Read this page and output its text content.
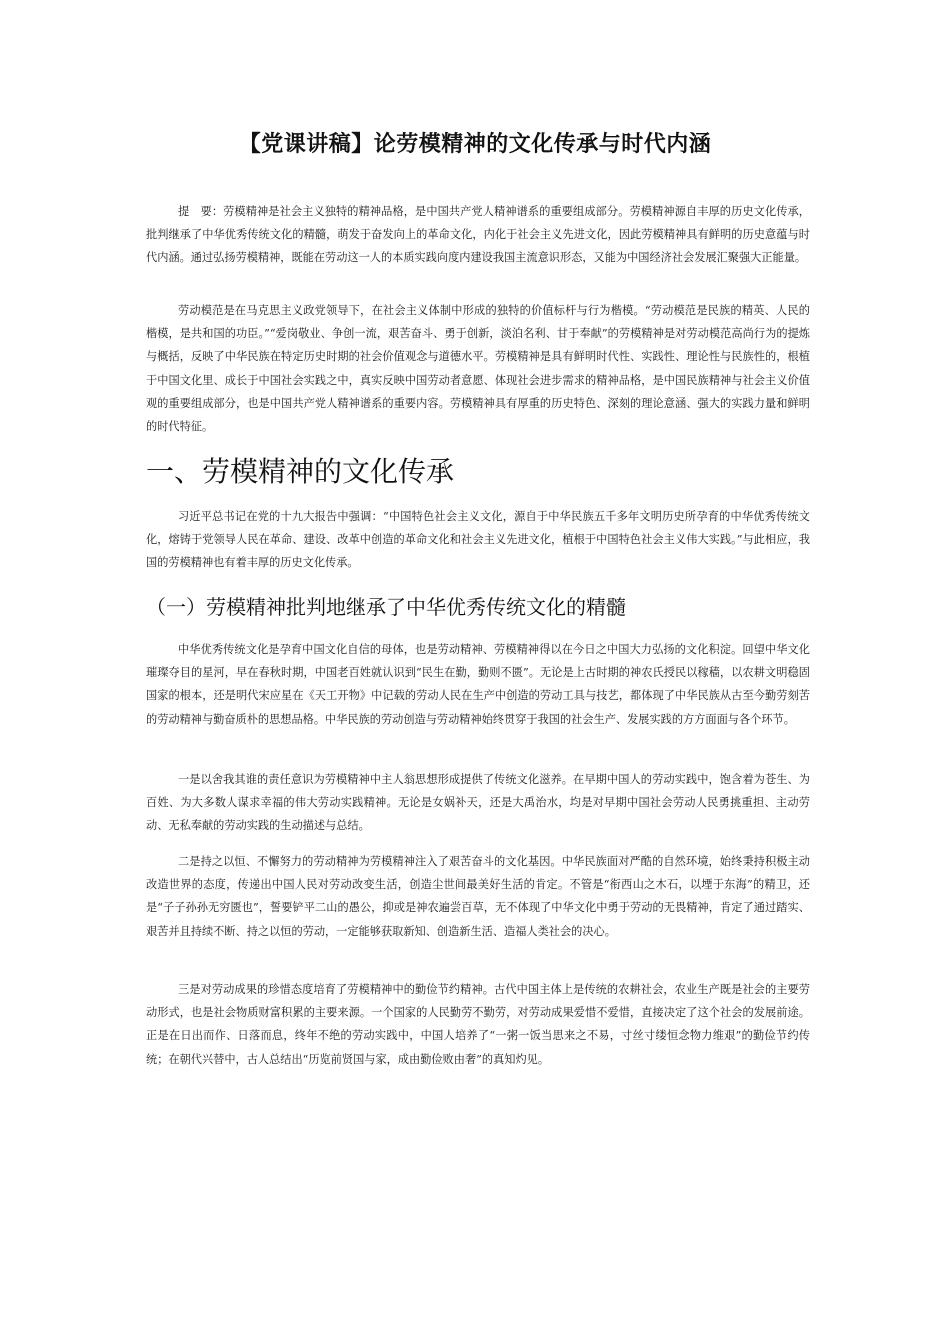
【党课讲稿】论劳模精神的文化传承与时代内涵

提　要：劳模精神是社会主义独特的精神品格，是中国共产党人精神谱系的重要组成部分。劳模精神源自丰厚的历史文化传承，批判继承了中华优秀传统文化的精髓，萌发于奋发向上的革命文化，内化于社会主义先进文化，因此劳模精神具有鲜明的历史意蕴与时代内涵。通过弘扬劳模精神，既能在劳动这一人的本质实践向度内建设我国主流意识形态，又能为中国经济社会发展汇聚强大正能量。

劳动模范是在马克思主义政党领导下，在社会主义体制中形成的独特的价值标杆与行为楷模。“劳动模范是民族的精英、人民的楷模，是共和国的功臣。”“爱岗敬业、争创一流，艰苦奋斗、勇于创新，淡泊名利、甘于奉献”的劳模精神是对劳动模范高尚行为的提炼与概括，反映了中华民族在特定历史时期的社会价值观念与道德水平。劳模精神是具有鲜明时代性、实践性、理论性与民族性的，根植于中国文化里、成长于中国社会实践之中，真实反映中国劳动者意愿、体现社会进步需求的精神品格，是中国民族精神与社会主义价值观的重要组成部分，也是中国共产党人精神谱系的重要内容。劳模精神具有厚重的历史特色、深刻的理论意涵、强大的实践力量和鲜明的时代特征。

一、劳模精神的文化传承

习近平总书记在党的十九大报告中强调：“中国特色社会主义文化，源自于中华民族五千多年文明历史所孕育的中华优秀传统文化，熔铸于党领导人民在革命、建设、改革中创造的革命文化和社会主义先进文化，植根于中国特色社会主义伟大实践。”与此相应，我国的劳模精神也有着丰厚的历史文化传承。

（一）劳模精神批判地继承了中华优秀传统文化的精髓

中华优秀传统文化是孕育中国文化自信的母体，也是劳动精神、劳模精神得以在今日之中国大力弘扬的文化积淀。回望中华文化璀璨夺目的星河，早在春秋时期，中国老百姓就认识到“民生在勤，勤则不匮”。无论是上古时期的神农氏授民以稼穑，以农耕文明稳固国家的根本，还是明代宋应星在《天工开物》中记载的劳动人民在生产中创造的劳动工具与技艺，都体现了中华民族从古至今勤劳刻苦的劳动精神与勤奋质朴的思想品格。中华民族的劳动创造与劳动精神始终贯穿于我国的社会生产、发展实践的方方面面与各个环节。

一是以舍我其谁的责任意识为劳模精神中主人翁思想形成提供了传统文化滋养。在早期中国人的劳动实践中，饱含着为苍生、为百姓、为大多数人谋求幸福的伟大劳动实践精神。无论是女娲补天，还是大禹治水，均是对早期中国社会劳动人民勇挑重担、主动劳动、无私奉献的劳动实践的生动描述与总结。

二是持之以恒、不懈努力的劳动精神为劳模精神注入了艰苦奋斗的文化基因。中华民族面对严酷的自然环境，始终秉持积极主动改造世界的态度，传递出中国人民对劳动改变生活，创造尘世间最美好生活的肯定。不管是“衔西山之木石，以堙于东海”的精卫，还是“子子孙孙无穷匮也”，誓要铲平二山的愚公，抑或是神农遍尝百草，无不体现了中华文化中勇于劳动的无畏精神，肯定了通过踏实、艰苦并且持续不断、持之以恒的劳动，一定能够获取新知、创造新生活、造福人类社会的决心。

三是对劳动成果的珍惜态度培育了劳模精神中的勤俭节约精神。古代中国主体上是传统的农耕社会，农业生产既是社会的主要劳动形式，也是社会物质财富积累的主要来源。一个国家的人民勤劳不勤劳，对劳动成果爱惜不爱惜，直接决定了这个社会的发展前途。正是在日出而作、日落而息，终年不绝的劳动实践中，中国人培养了“一粥一饭当思来之不易，寸丝寸缕恒念物力维艰”的勤俭节约传统；在朝代兴替中，古人总结出“历览前贤国与家，成由勤俭败由奢”的真知灼见。
